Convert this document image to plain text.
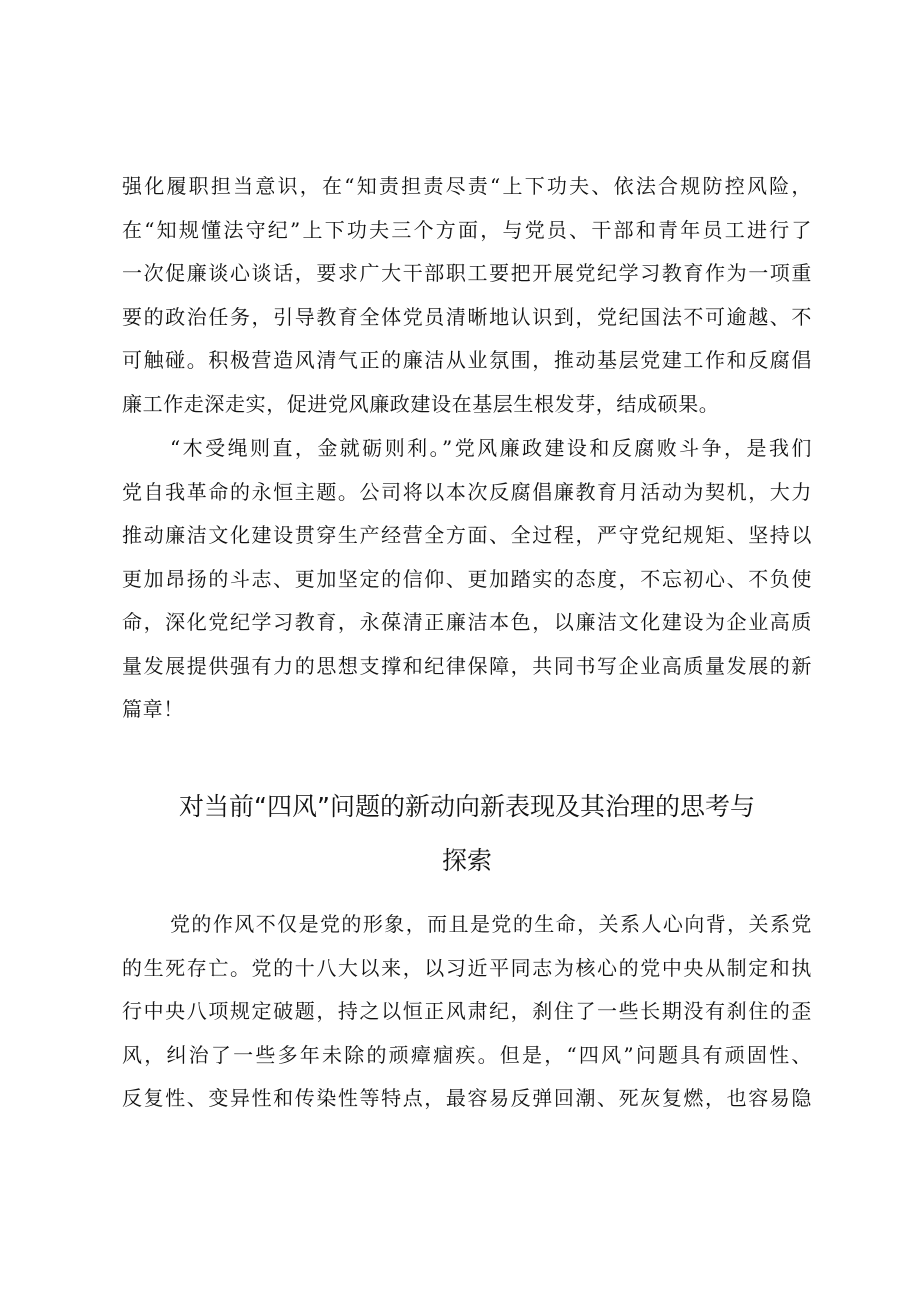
强化履职担当意识，在“知责担责尽责“上下功夫、依法合规防控风险，
在“知规懂法守纪”上下功夫三个方面，与党员、干部和青年员工进行了
一次促廉谈心谈话，要求广大干部职工要把开展党纪学习教育作为一项重
要的政治任务，引导教育全体党员清晰地认识到，党纪国法不可逾越、不
可触碰。积极营造风清气正的廉洁从业氛围，推动基层党建工作和反腐倡
廉工作走深走实，促进党风廉政建设在基层生根发芽，结成硕果。
“木受绳则直，金就砺则利。”党风廉政建设和反腐败斗争，是我们
党自我革命的永恒主题。公司将以本次反腐倡廉教育月活动为契机，大力
推动廉洁文化建设贯穿生产经营全方面、全过程，严守党纪规矩、坚持以
更加昂扬的斗志、更加坚定的信仰、更加踏实的态度，不忘初心、不负使
命，深化党纪学习教育，永葆清正廉洁本色，以廉洁文化建设为企业高质
量发展提供强有力的思想支撑和纪律保障，共同书写企业高质量发展的新
篇章！
对当前“四风”问题的新动向新表现及其治理的思考与
探索
党的作风不仅是党的形象，而且是党的生命，关系人心向背，关系党
的生死存亡。党的十八大以来，以习近平同志为核心的党中央从制定和执
行中央八项规定破题，持之以恒正风肃纪，刹住了一些长期没有刹住的歪
风，纠治了一些多年未除的顽瘴痼疾。但是，“四风”问题具有顽固性、
反复性、变异性和传染性等特点，最容易反弹回潮、死灰复燃，也容易隐
